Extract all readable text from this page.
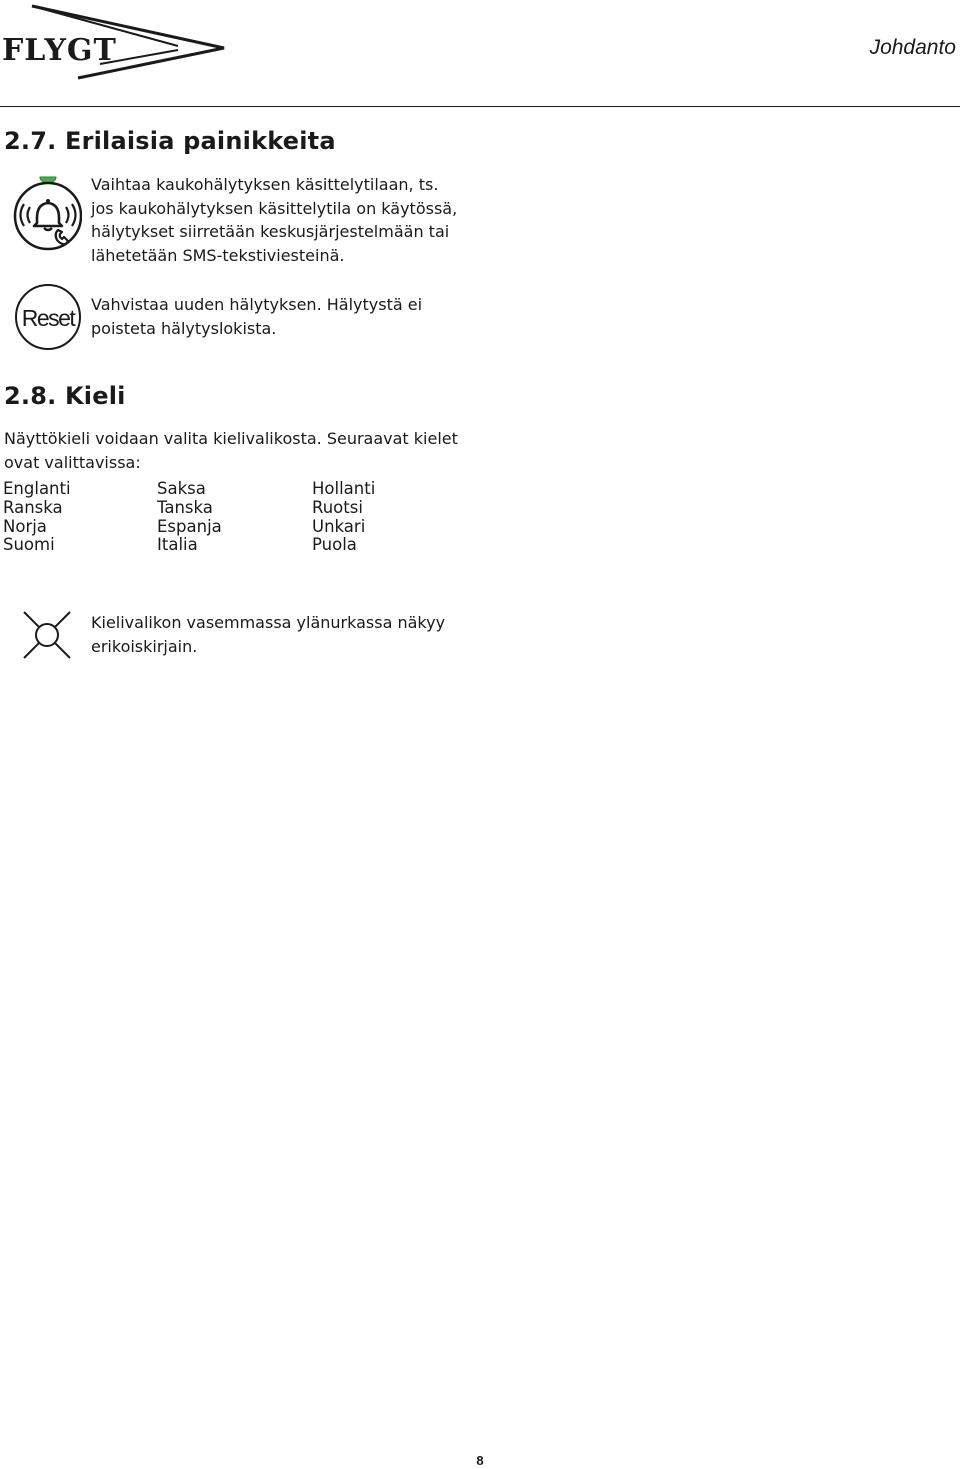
FLYGT	Johdanto
2.7. Erilaisia painikkeita
Vaihtaa kaukohälytyksen käsittelytilaan, ts.
jos kaukohälytyksen käsittelytila on käytössä,
hälytykset siirretään keskusjärjestelmään tai
lähetetään SMS-tekstiviesteinä.
Reset
Vahvistaa uuden hälytyksen. Hälytystä ei
poisteta hälytyslokista.
2.8. Kieli
Näyttökieli voidaan valita kielivalikosta. Seuraavat kielet
ovat valittavissa:
Englanti
Ranska
Norja
Suomi
Saksa
Tanska
Espanja
Italia
Hollanti
Ruotsi
Unkari
Puola
Kielivalikon vasemmassa ylänurkassa näkyy
erikoiskirjain.
8
